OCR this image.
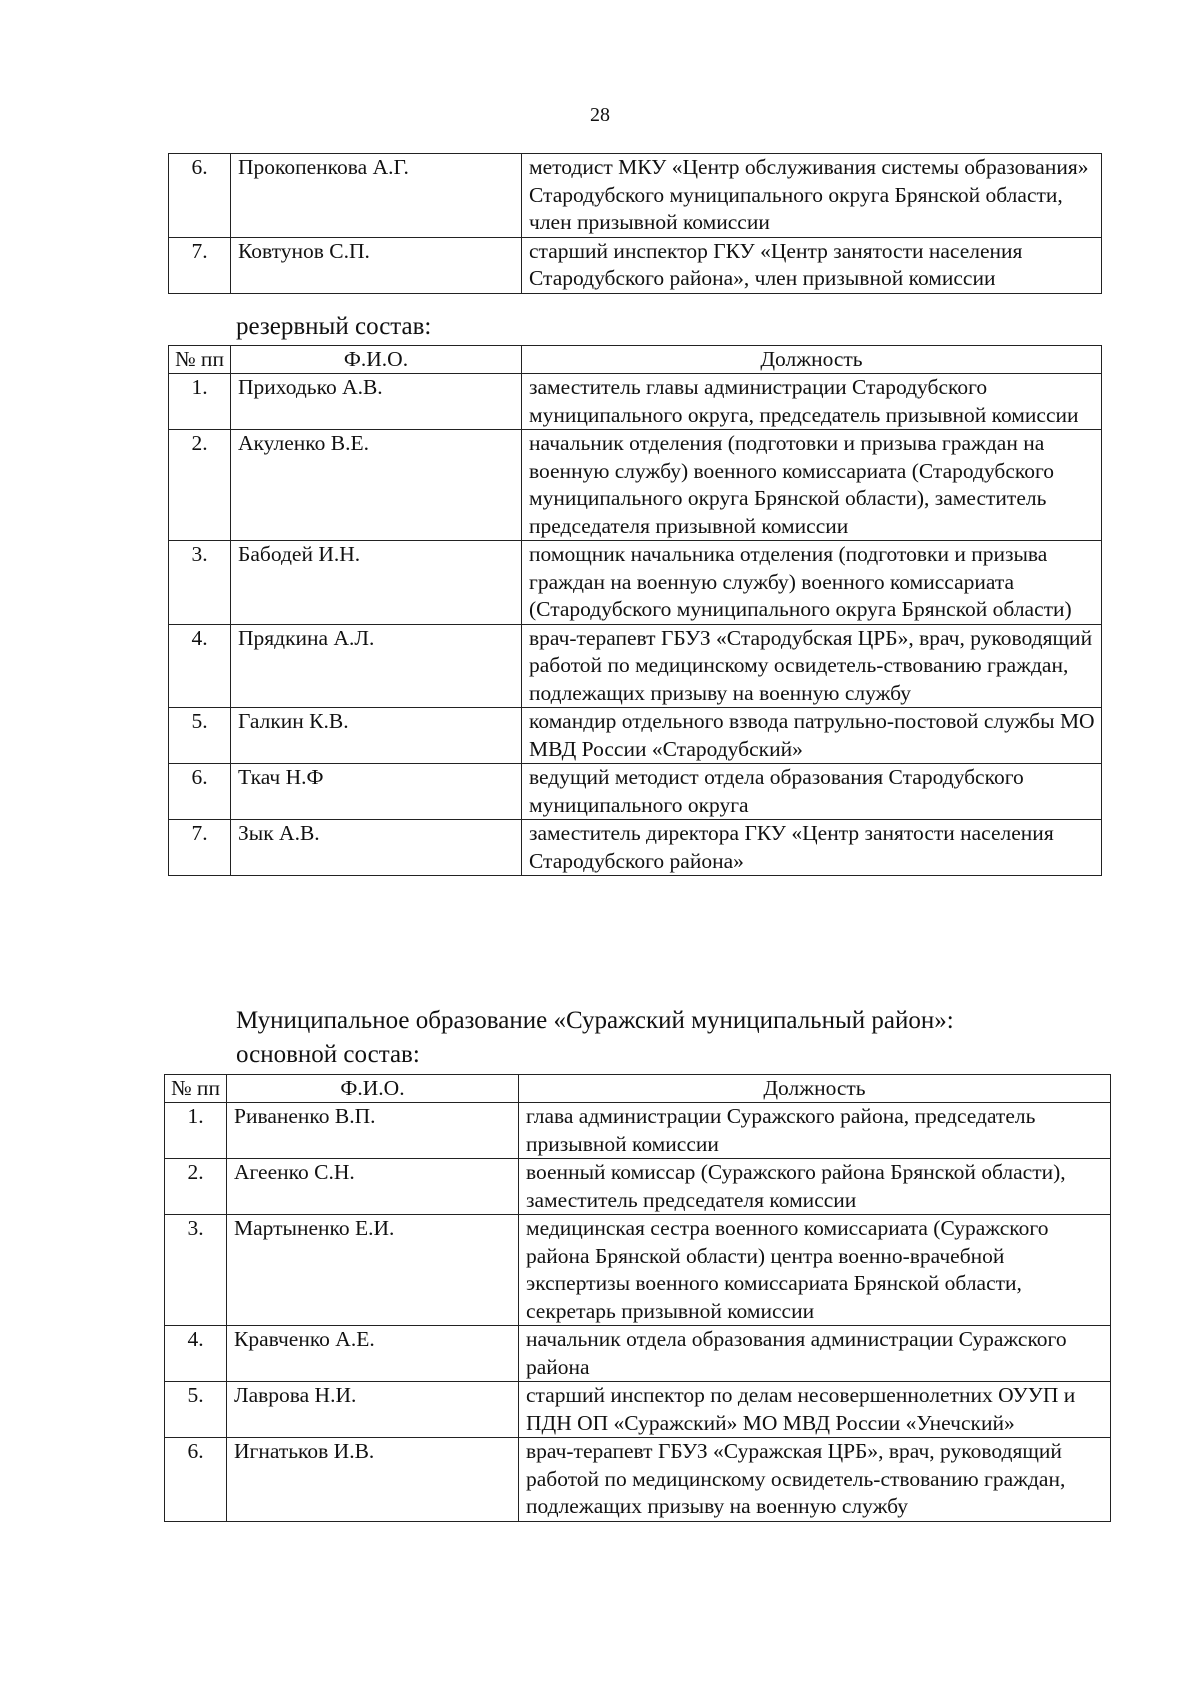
28
6.	Прокопенкова А.Г.	методист МКУ «Центр обслуживания системы образования» Стародубского муниципального округа Брянской области, член призывной комиссии
7.	Ковтунов С.П.	старший инспектор ГКУ «Центр занятости населения Стародубского района», член призывной комиссии
резервный состав:
№ пп	Ф.И.О.	Должность
1.	Приходько А.В.	заместитель главы администрации Стародубского муниципального округа, председатель призывной комиссии
2.	Акуленко В.Е.	начальник отделения (подготовки и призыва граждан на военную службу) военного комиссариата (Стародубского муниципального округа Брянской области), заместитель председателя призывной комиссии
3.	Бабодей И.Н.	помощник начальника отделения (подготовки и призыва граждан на военную службу) военного комиссариата (Стародубского муниципального округа Брянской области)
4.	Прядкина А.Л.	врач-терапевт ГБУЗ «Стародубская ЦРБ», врач, руководящий работой по медицинскому освидетель-ствованию граждан, подлежащих призыву на военную службу
5.	Галкин К.В.	командир отдельного взвода патрульно-постовой службы МО МВД России «Стародубский»
6.	Ткач Н.Ф	ведущий методист отдела образования Стародубского муниципального округа
7.	Зык А.В.	заместитель директора ГКУ «Центр занятости населения Стародубского района»
Муниципальное образование «Суражский муниципальный район»:
основной состав:
№ пп	Ф.И.О.	Должность
1.	Риваненко В.П.	глава администрации Суражского района, председатель призывной комиссии
2.	Агеенко С.Н.	военный комиссар (Суражского района Брянской области), заместитель председателя комиссии
3.	Мартыненко Е.И.	медицинская сестра военного комиссариата (Суражского района Брянской области) центра военно-врачебной экспертизы военного комиссариата Брянской области, секретарь призывной комиссии
4.	Кравченко А.Е.	начальник отдела образования администрации Суражского района
5.	Лаврова Н.И.	старший инспектор по делам несовершеннолетних ОУУП и ПДН ОП «Суражский» МО МВД России «Унечский»
6.	Игнатьков И.В.	врач-терапевт ГБУЗ «Суражская ЦРБ», врач, руководящий работой по медицинскому освидетель-ствованию граждан, подлежащих призыву на военную службу
